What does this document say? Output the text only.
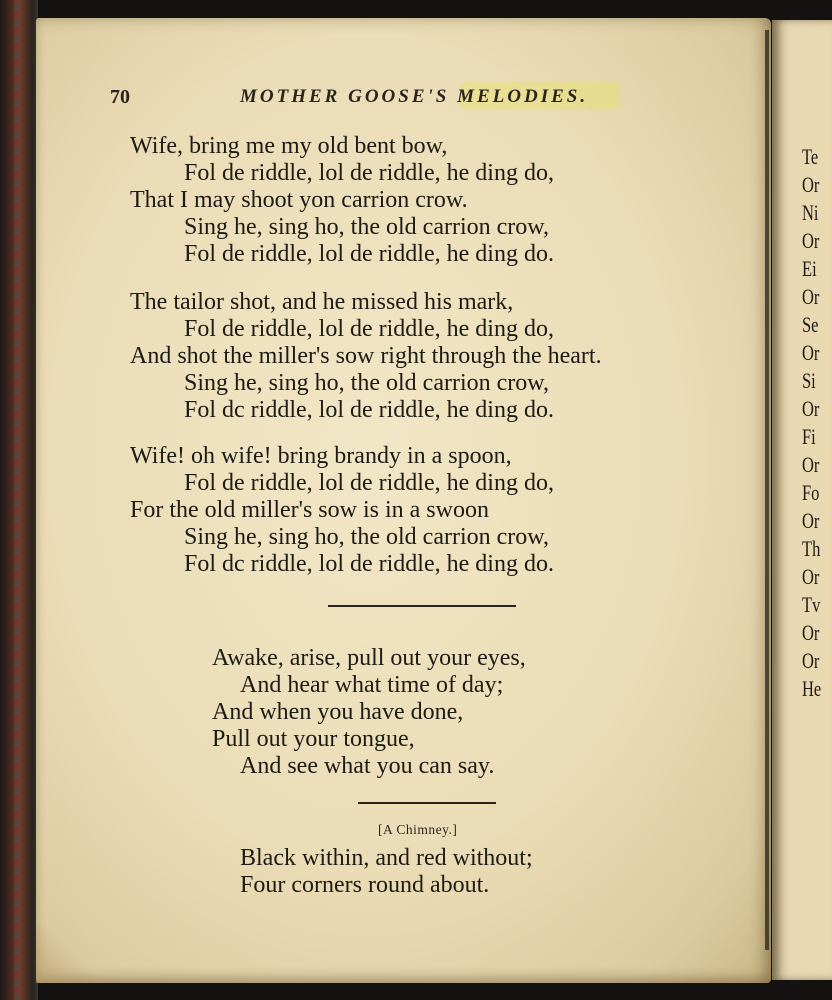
Te
Or
Ni
Or
Ei
Or
Se
Or
Si
Or
Fi
Or
Fo
Or
Th
Or
Tv
Or
Or
He
70	MOTHER GOOSE'S MELODIES.
Wife, bring me my old bent bow,
Fol de riddle, lol de riddle, he ding do,
That I may shoot yon carrion crow.
Sing he, sing ho, the old carrion crow,
Fol de riddle, lol de riddle, he ding do.
The tailor shot, and he missed his mark,
Fol de riddle, lol de riddle, he ding do,
And shot the miller's sow right through the heart.
Sing he, sing ho, the old carrion crow,
Fol dc riddle, lol de riddle, he ding do.
Wife! oh wife! bring brandy in a spoon,
Fol de riddle, lol de riddle, he ding do,
For the old miller's sow is in a swoon
Sing he, sing ho, the old carrion crow,
Fol dc riddle, lol de riddle, he ding do.
Awake, arise, pull out your eyes,
And hear what time of day;
And when you have done,
Pull out your tongue,
And see what you can say.
[A Chimney.]
Black within, and red without;
Four corners round about.
